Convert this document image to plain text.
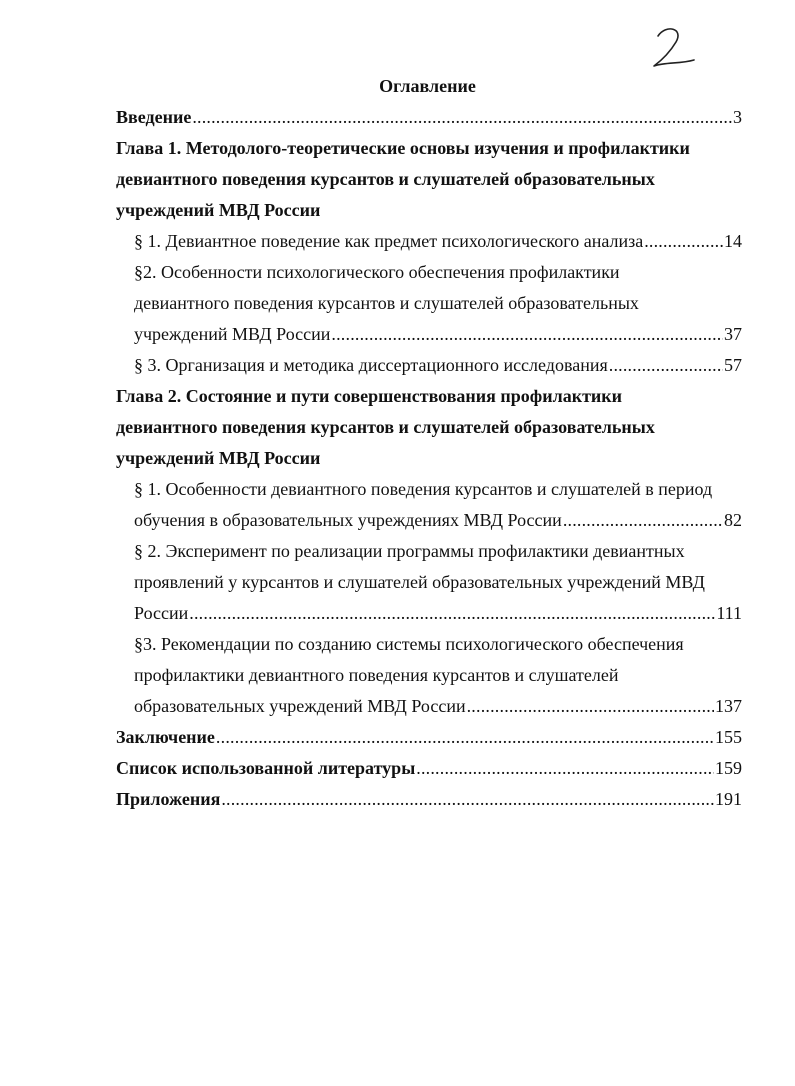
Оглавление
Введение .....	3
Глава 1. Методолого-теоретические основы изучения и профилактики
девиантного поведения курсантов и слушателей образовательных
учреждений МВД России
§ 1. Девиантное поведение как предмет психологического анализа .....	14
§2. Особенности психологического обеспечения профилактики
девиантного поведения курсантов и слушателей образовательных
учреждений МВД России .....	37
§ 3. Организация и методика диссертационного исследования .....	57
Глава 2. Состояние и пути совершенствования профилактики
девиантного поведения курсантов и слушателей образовательных
учреждений МВД России
§ 1. Особенности девиантного поведения курсантов и слушателей в период
обучения в образовательных учреждениях МВД России .....	82
§ 2. Эксперимент по реализации программы профилактики девиантных
проявлений у курсантов и слушателей образовательных учреждений МВД
России .....	111
§3. Рекомендации по созданию системы психологического обеспечения
профилактики девиантного поведения курсантов и слушателей
образовательных учреждений МВД России .....	137
Заключение .....	155
Список использованной литературы .....	159
Приложения .....	191
